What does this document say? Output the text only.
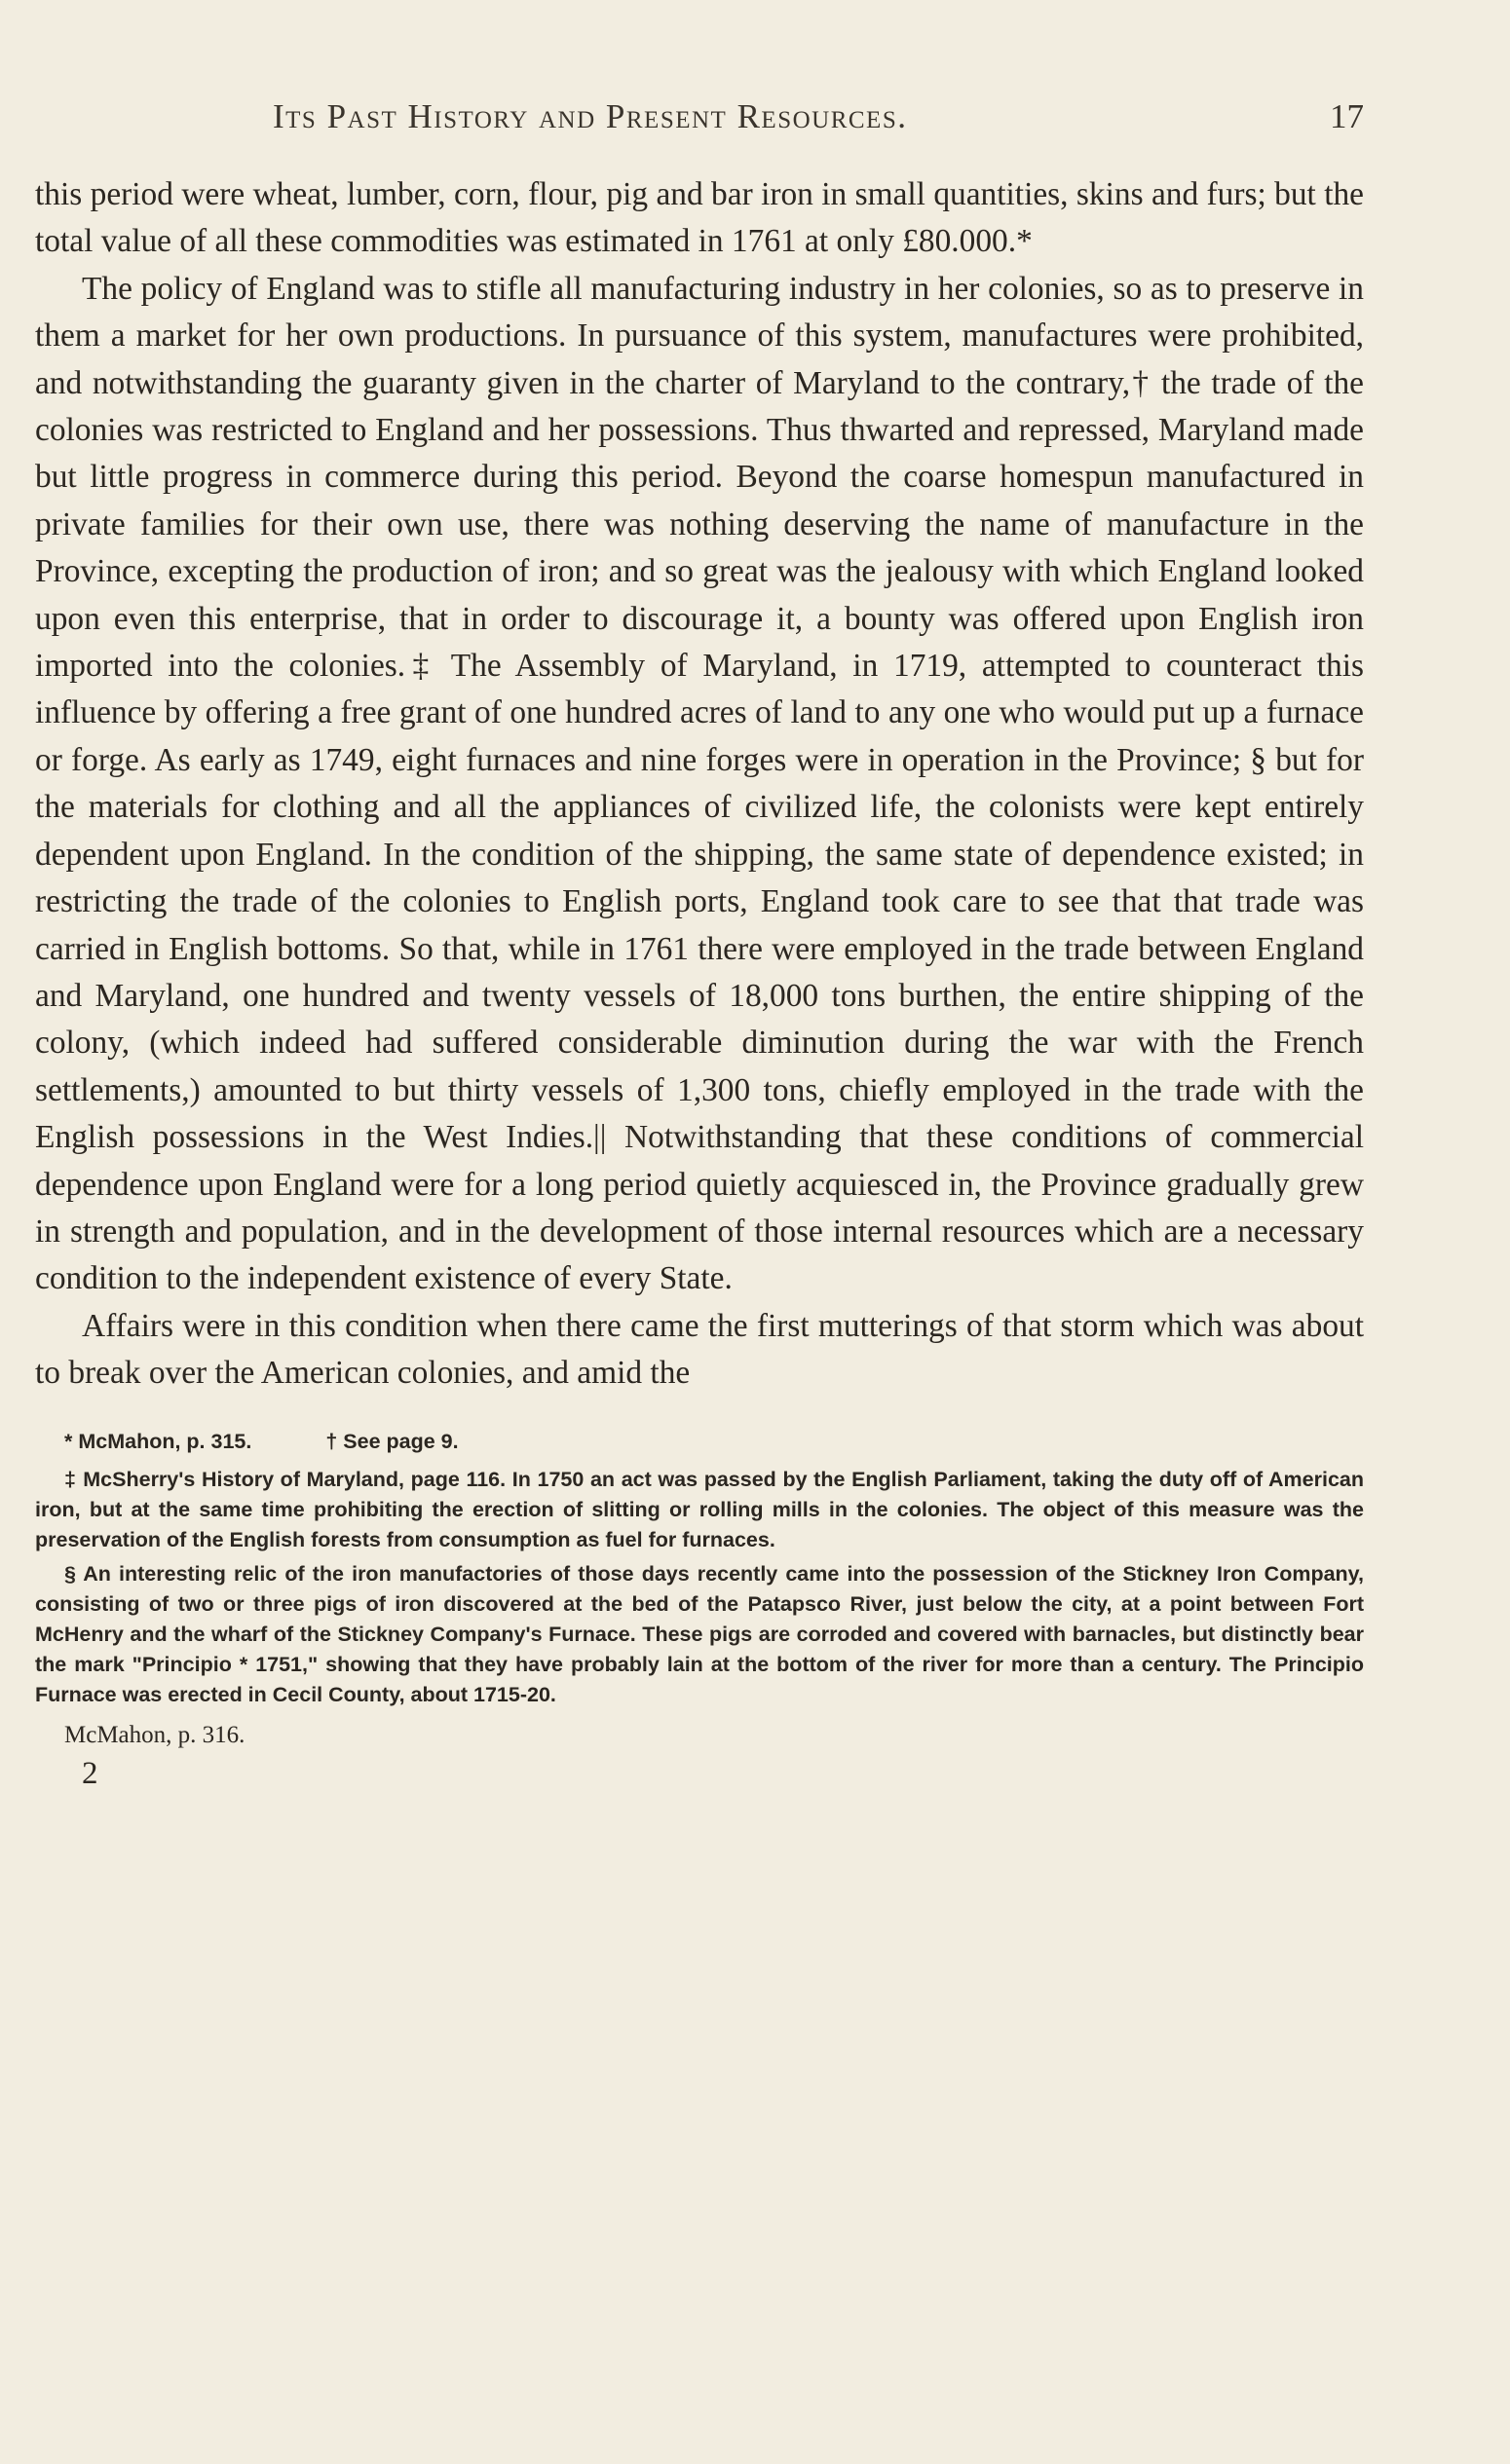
Its Past History and Present Resources.	17

this period were wheat, lumber, corn, flour, pig and bar iron in small quantities, skins and furs; but the total value of all these commodities was estimated in 1761 at only £80.000.*

The policy of England was to stifle all manufacturing industry in her colonies, so as to preserve in them a market for her own productions. In pursuance of this system, manufactures were prohibited, and notwithstanding the guaranty given in the charter of Maryland to the contrary,† the trade of the colonies was restricted to England and her possessions. Thus thwarted and repressed, Maryland made but little progress in commerce during this period. Beyond the coarse homespun manufactured in private families for their own use, there was nothing deserving the name of manufacture in the Province, excepting the production of iron; and so great was the jealousy with which England looked upon even this enterprise, that in order to discourage it, a bounty was offered upon English iron imported into the colonies.‡ The Assembly of Maryland, in 1719, attempted to counteract this influence by offering a free grant of one hundred acres of land to any one who would put up a furnace or forge. As early as 1749, eight furnaces and nine forges were in operation in the Province; § but for the materials for clothing and all the appliances of civilized life, the colonists were kept entirely dependent upon England. In the condition of the shipping, the same state of dependence existed; in restricting the trade of the colonies to English ports, England took care to see that that trade was carried in English bottoms. So that, while in 1761 there were employed in the trade between England and Maryland, one hundred and twenty vessels of 18,000 tons burthen, the entire shipping of the colony, (which indeed had suffered considerable diminution during the war with the French settlements,) amounted to but thirty vessels of 1,300 tons, chiefly employed in the trade with the English possessions in the West Indies.|| Notwithstanding that these conditions of commercial dependence upon England were for a long period quietly acquiesced in, the Province gradually grew in strength and population, and in the development of those internal resources which are a necessary condition to the independent existence of every State.

Affairs were in this condition when there came the first mutterings of that storm which was about to break over the American colonies, and amid the

* McMahon, p. 315.	† See page 9.

‡ McSherry's History of Maryland, page 116. In 1750 an act was passed by the English Parliament, taking the duty off of American iron, but at the same time prohibiting the erection of slitting or rolling mills in the colonies. The object of this measure was the preservation of the English forests from consumption as fuel for furnaces.

§ An interesting relic of the iron manufactories of those days recently came into the possession of the Stickney Iron Company, consisting of two or three pigs of iron discovered at the bed of the Patapsco River, just below the city, at a point between Fort McHenry and the wharf of the Stickney Company's Furnace. These pigs are corroded and covered with barnacles, but distinctly bear the mark "Principio * 1751," showing that they have probably lain at the bottom of the river for more than a century. The Principio Furnace was erected in Cecil County, about 1715-20.

McMahon, p. 316.

2
